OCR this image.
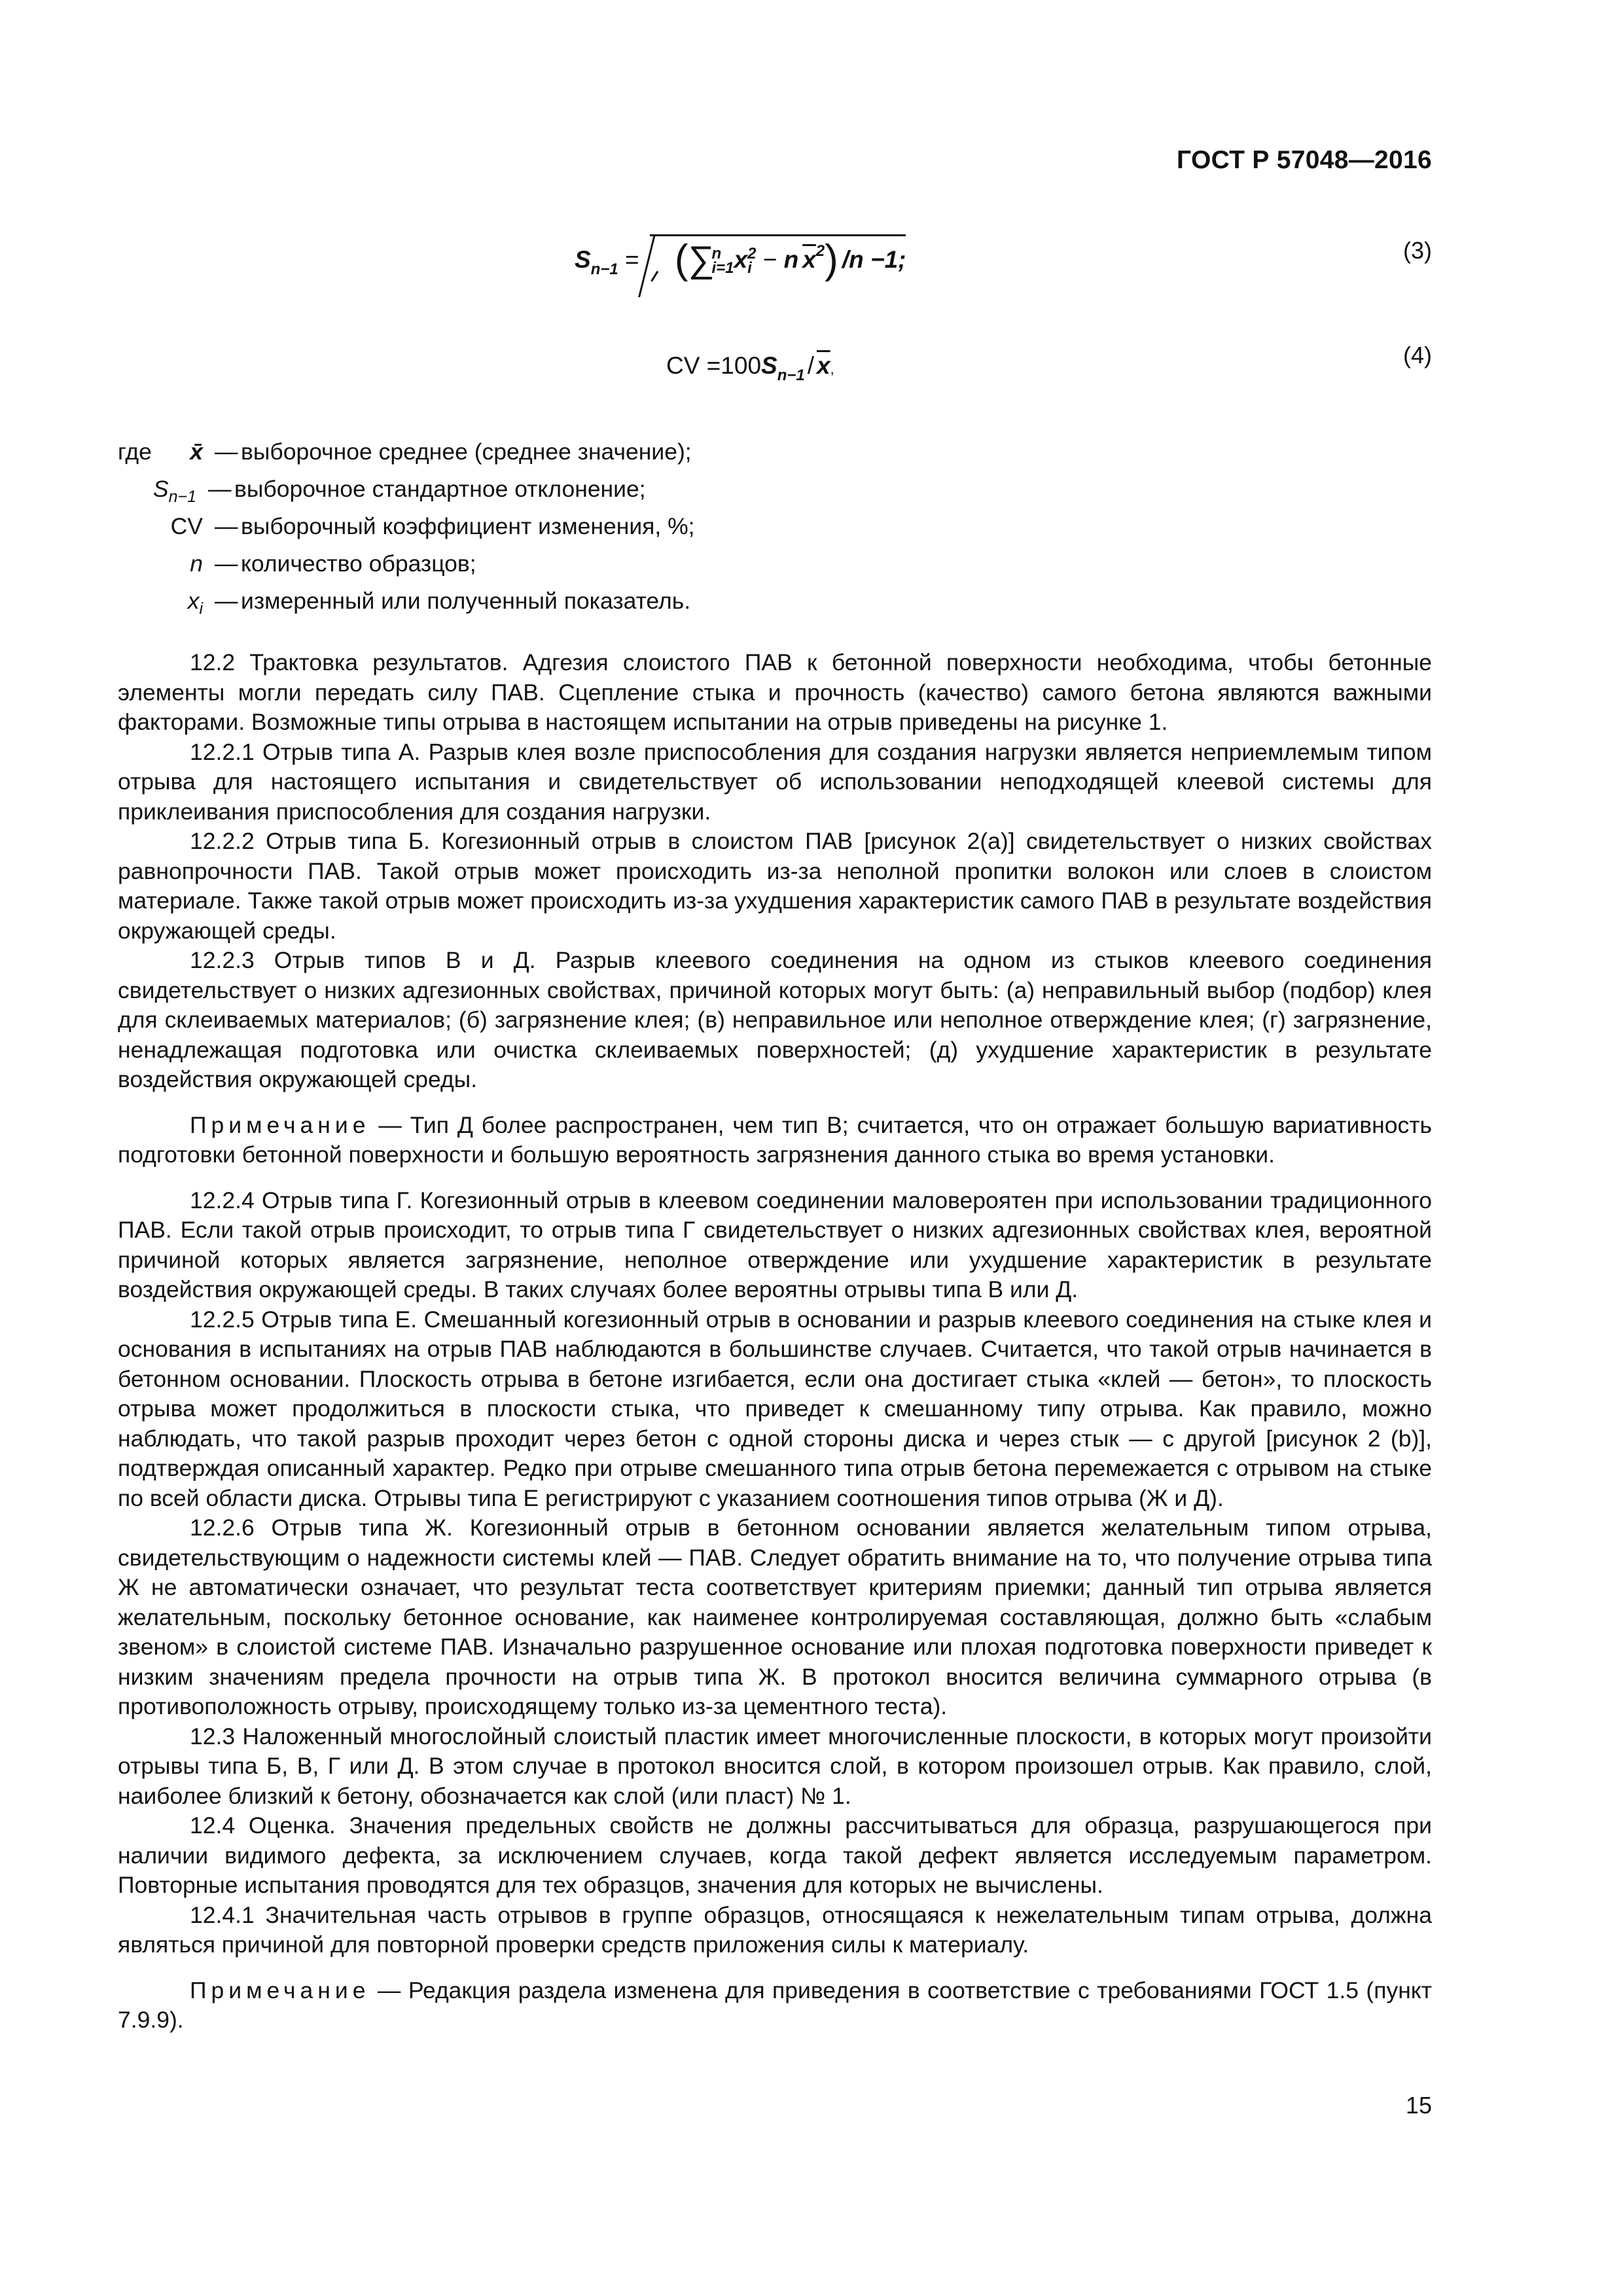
ГОСТ Р 57048—2016
$S_{n-1}$ = (∑
n
i=1 x 2
i − n $\overline{x}^2$) /n −1;	(3)
CV $=100S_{n-1} / \overline{x}$,
(4)
где	x̄ — выборочное среднее (среднее значение);
$S_{n-1}$ — выборочное стандартное отклонение;
CV — выборочный коэффициент изменения, %;
n — количество образцов;
$x_i$ — измеренный или полученный показатель.

12.2 Трактовка результатов. Адгезия слоистого ПАВ к бетонной поверхности необходима, чтобы бетонные элементы могли передать силу ПАВ. Сцепление стыка и прочность (качество) самого бетона являются важными факторами. Возможные типы отрыва в настоящем испытании на отрыв приведены на рисунке 1.

12.2.1 Отрыв типа А. Разрыв клея возле приспособления для создания нагрузки является неприемлемым типом отрыва для настоящего испытания и свидетельствует об использовании неподходящей клеевой системы для приклеивания приспособления для создания нагрузки.

12.2.2 Отрыв типа Б. Когезионный отрыв в слоистом ПАВ [рисунок 2(а)] свидетельствует о низких свойствах равнопрочности ПАВ. Такой отрыв может происходить из-за неполной пропитки волокон или слоев в слоистом материале. Также такой отрыв может происходить из-за ухудшения характеристик самого ПАВ в результате воздействия окружающей среды.

12.2.3 Отрыв типов В и Д. Разрыв клеевого соединения на одном из стыков клеевого соединения свидетельствует о низких адгезионных свойствах, причиной которых могут быть: (а) неправильный выбор (подбор) клея для склеиваемых материалов; (б) загрязнение клея; (в) неправильное или неполное отверждение клея; (г) загрязнение, ненадлежащая подготовка или очистка склеиваемых поверхностей; (д) ухудшение характеристик в результате воздействия окружающей среды.

Примечание — Тип Д более распространен, чем тип В; считается, что он отражает большую вариативность подготовки бетонной поверхности и большую вероятность загрязнения данного стыка во время установки.

12.2.4 Отрыв типа Г. Когезионный отрыв в клеевом соединении маловероятен при использовании традиционного ПАВ. Если такой отрыв происходит, то отрыв типа Г свидетельствует о низких адгезионных свойствах клея, вероятной причиной которых является загрязнение, неполное отверждение или ухудшение характеристик в результате воздействия окружающей среды. В таких случаях более вероятны отрывы типа В или Д.

12.2.5 Отрыв типа Е. Смешанный когезионный отрыв в основании и разрыв клеевого соединения на стыке клея и основания в испытаниях на отрыв ПАВ наблюдаются в большинстве случаев. Считается, что такой отрыв начинается в бетонном основании. Плоскость отрыва в бетоне изгибается, если она достигает стыка «клей — бетон», то плоскость отрыва может продолжиться в плоскости стыка, что приведет к смешанному типу отрыва. Как правило, можно наблюдать, что такой разрыв проходит через бетон с одной стороны диска и через стык — с другой [рисунок 2 (b)], подтверждая описанный характер. Редко при отрыве смешанного типа отрыв бетона перемежается с отрывом на стыке по всей области диска. Отрывы типа Е регистрируют с указанием соотношения типов отрыва (Ж и Д).

12.2.6 Отрыв типа Ж. Когезионный отрыв в бетонном основании является желательным типом отрыва, свидетельствующим о надежности системы клей — ПАВ. Следует обратить внимание на то, что получение отрыва типа Ж не автоматически означает, что результат теста соответствует критериям приемки; данный тип отрыва является желательным, поскольку бетонное основание, как наименее контролируемая составляющая, должно быть «слабым звеном» в слоистой системе ПАВ. Изначально разрушенное основание или плохая подготовка поверхности приведет к низким значениям предела прочности на отрыв типа Ж. В протокол вносится величина суммарного отрыва (в противоположность отрыву, происходящему только из-за цементного теста).

12.3 Наложенный многослойный слоистый пластик имеет многочисленные плоскости, в которых могут произойти отрывы типа Б, В, Г или Д. В этом случае в протокол вносится слой, в котором произошел отрыв. Как правило, слой, наиболее близкий к бетону, обозначается как слой (или пласт) № 1.

12.4 Оценка. Значения предельных свойств не должны рассчитываться для образца, разрушающегося при наличии видимого дефекта, за исключением случаев, когда такой дефект является исследуемым параметром. Повторные испытания проводятся для тех образцов, значения для которых не вычислены.

12.4.1 Значительная часть отрывов в группе образцов, относящаяся к нежелательным типам отрыва, должна являться причиной для повторной проверки средств приложения силы к материалу.

Примечание — Редакция раздела изменена для приведения в соответствие с требованиями ГОСТ 1.5 (пункт 7.9.9).

15
